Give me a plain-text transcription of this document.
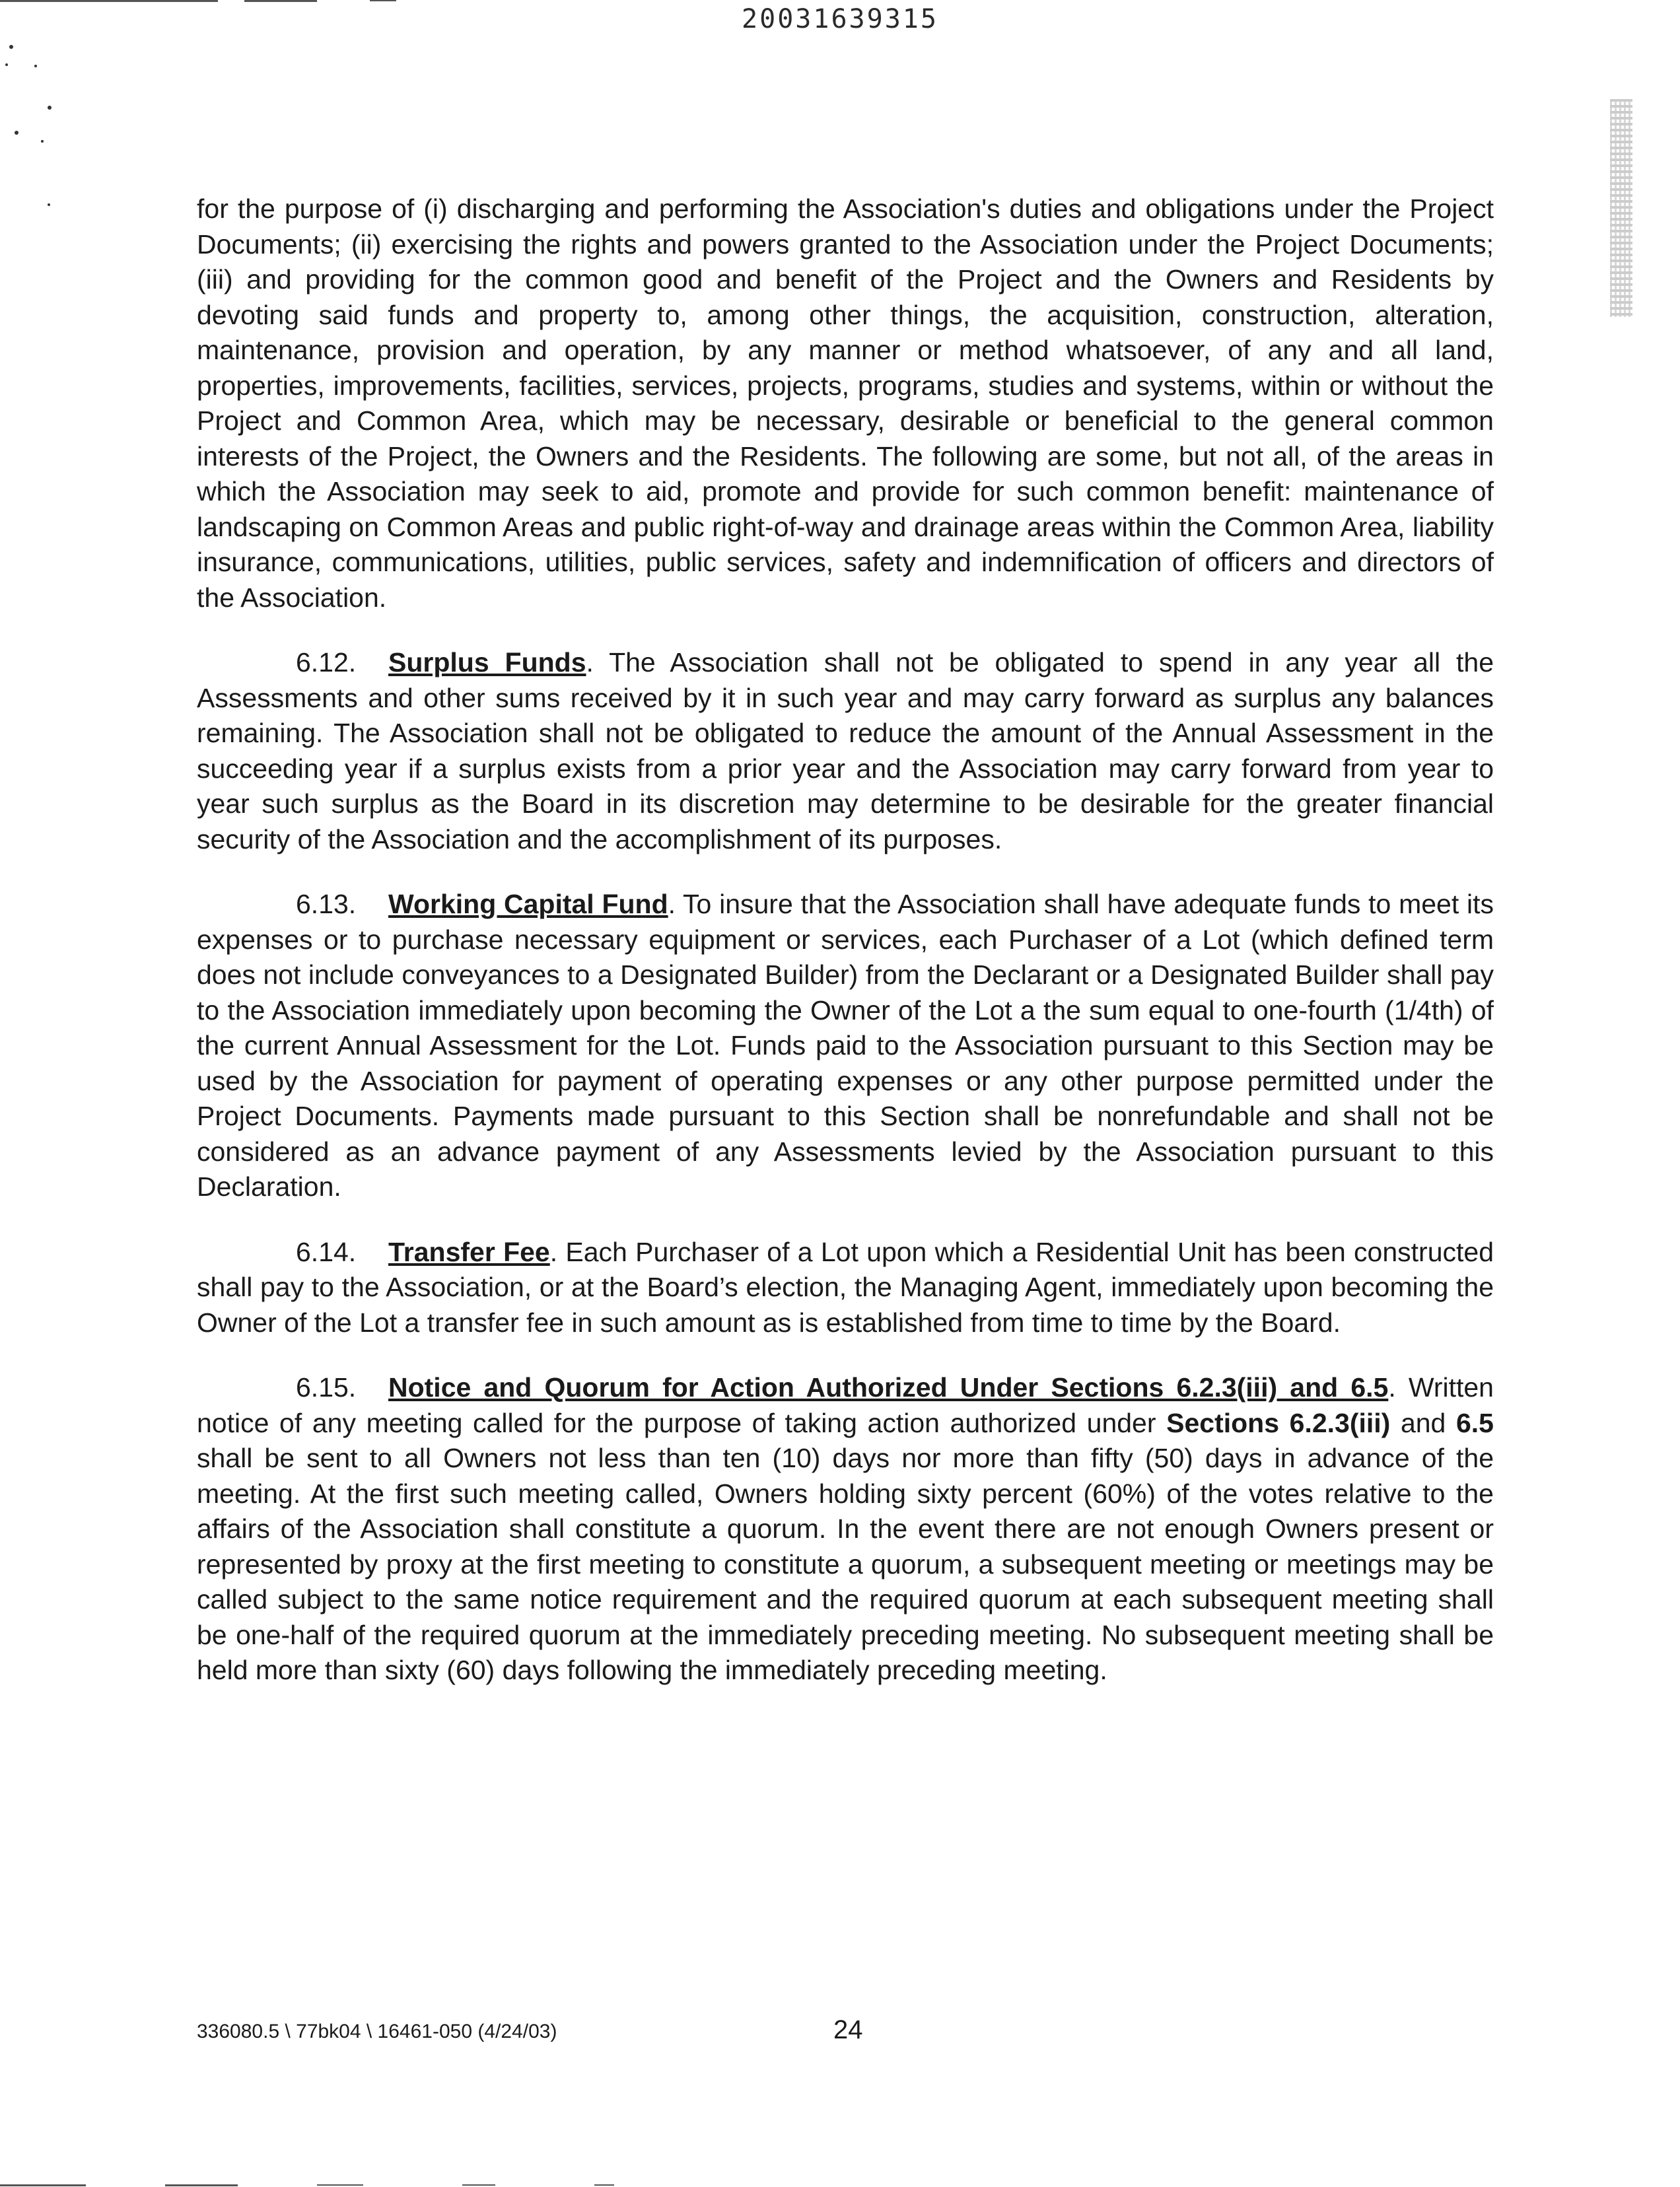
20031639315

for the purpose of (i) discharging and performing the Association's duties and obligations under the Project Documents; (ii) exercising the rights and powers granted to the Association under the Project Documents; (iii) and providing for the common good and benefit of the Project and the Owners and Residents by devoting said funds and property to, among other things, the acquisition, construction, alteration, maintenance, provision and operation, by any manner or method whatsoever, of any and all land, properties, improvements, facilities, services, projects, programs, studies and systems, within or without the Project and Common Area, which may be necessary, desirable or beneficial to the general common interests of the Project, the Owners and the Residents. The following are some, but not all, of the areas in which the Association may seek to aid, promote and provide for such common benefit: maintenance of landscaping on Common Areas and public right-of-way and drainage areas within the Common Area, liability insurance, communications, utilities, public services, safety and indemnification of officers and directors of the Association.

6.12. Surplus Funds. The Association shall not be obligated to spend in any year all the Assessments and other sums received by it in such year and may carry forward as surplus any balances remaining. The Association shall not be obligated to reduce the amount of the Annual Assessment in the succeeding year if a surplus exists from a prior year and the Association may carry forward from year to year such surplus as the Board in its discretion may determine to be desirable for the greater financial security of the Association and the accomplishment of its purposes.

6.13. Working Capital Fund. To insure that the Association shall have adequate funds to meet its expenses or to purchase necessary equipment or services, each Purchaser of a Lot (which defined term does not include conveyances to a Designated Builder) from the Declarant or a Designated Builder shall pay to the Association immediately upon becoming the Owner of the Lot a the sum equal to one-fourth (1/4th) of the current Annual Assessment for the Lot. Funds paid to the Association pursuant to this Section may be used by the Association for payment of operating expenses or any other purpose permitted under the Project Documents. Payments made pursuant to this Section shall be nonrefundable and shall not be considered as an advance payment of any Assessments levied by the Association pursuant to this Declaration.

6.14. Transfer Fee. Each Purchaser of a Lot upon which a Residential Unit has been constructed shall pay to the Association, or at the Board’s election, the Managing Agent, immediately upon becoming the Owner of the Lot a transfer fee in such amount as is established from time to time by the Board.

6.15. Notice and Quorum for Action Authorized Under Sections 6.2.3(iii) and 6.5. Written notice of any meeting called for the purpose of taking action authorized under Sections 6.2.3(iii) and 6.5 shall be sent to all Owners not less than ten (10) days nor more than fifty (50) days in advance of the meeting. At the first such meeting called, Owners holding sixty percent (60%) of the votes relative to the affairs of the Association shall constitute a quorum. In the event there are not enough Owners present or represented by proxy at the first meeting to constitute a quorum, a subsequent meeting or meetings may be called subject to the same notice requirement and the required quorum at each subsequent meeting shall be one-half of the required quorum at the immediately preceding meeting. No subsequent meeting shall be held more than sixty (60) days following the immediately preceding meeting.

336080.5 \ 77bk04 \ 16461-050 (4/24/03)	24
